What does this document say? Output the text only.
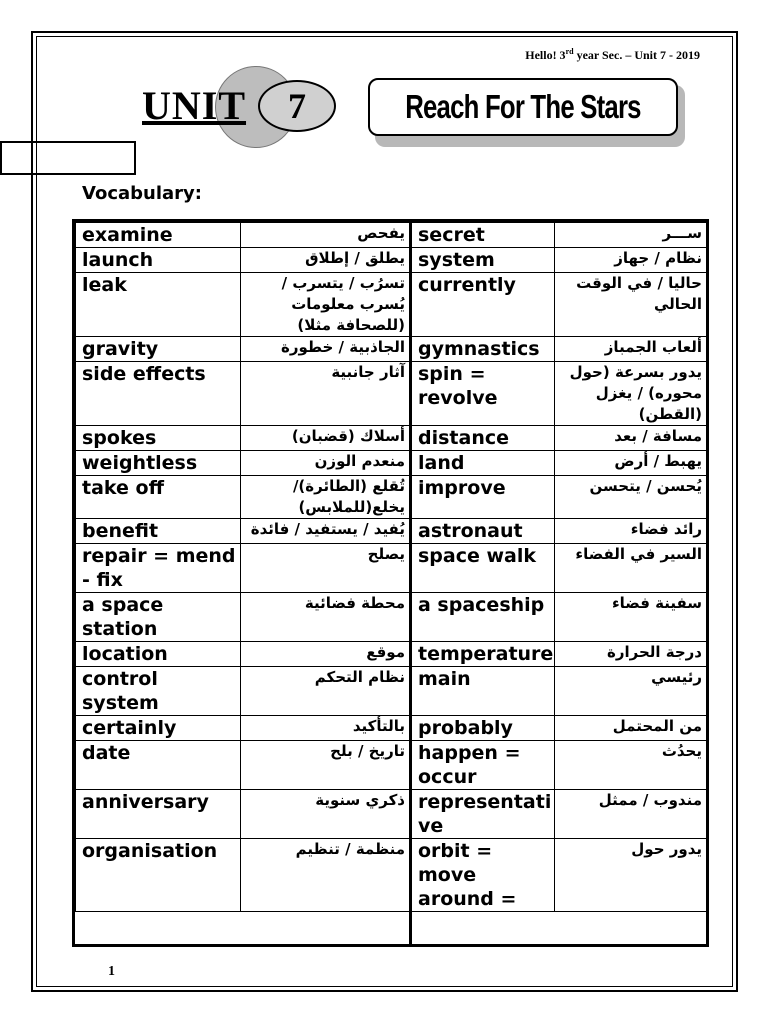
Hello! 3rd year Sec. – Unit 7 - 2019
UNIT 7	Reach For The Stars
Vocabulary:
examine	يفحص	secret	ســـر
launch	يطلق / إطلاق	system	نظام / جهاز
leak	تسرُب / يتسرب / يُسرب معلومات (للصحافة مثلا)	currently	حاليا / في الوقت الحالي
gravity	الجاذبية / خطورة	gymnastics	ألعاب الجمباز
side effects	آثار جانبية	spin = revolve	يدور بسرعة (حول محوره) / يغزل (القطن)
spokes	أسلاك (قضبان)	distance	مسافة / بعد
weightless	منعدم الوزن	land	يهبط / أرض
take off	تُقلع (الطائرة)/ يخلع(للملابس)	improve	يُحسن / يتحسن
benefit	يُفيد / يستفيد / فائدة	astronaut	رائد فضاء
repair = mend - fix	يصلح	space walk	السير في الفضاء
a space station	محطة فضائية	a spaceship	سفينة فضاء
location	موقع	temperature	درجة الحرارة
control system	نظام التحكم	main	رئيسي
certainly	بالتأكيد	probably	من المحتمل
date	تاريخ / بلح	happen = occur	يحدُث
anniversary	ذكري سنوية	representati ve	مندوب / ممثل
organisation	منظمة / تنظيم	orbit = move around =	يدور حول
1
